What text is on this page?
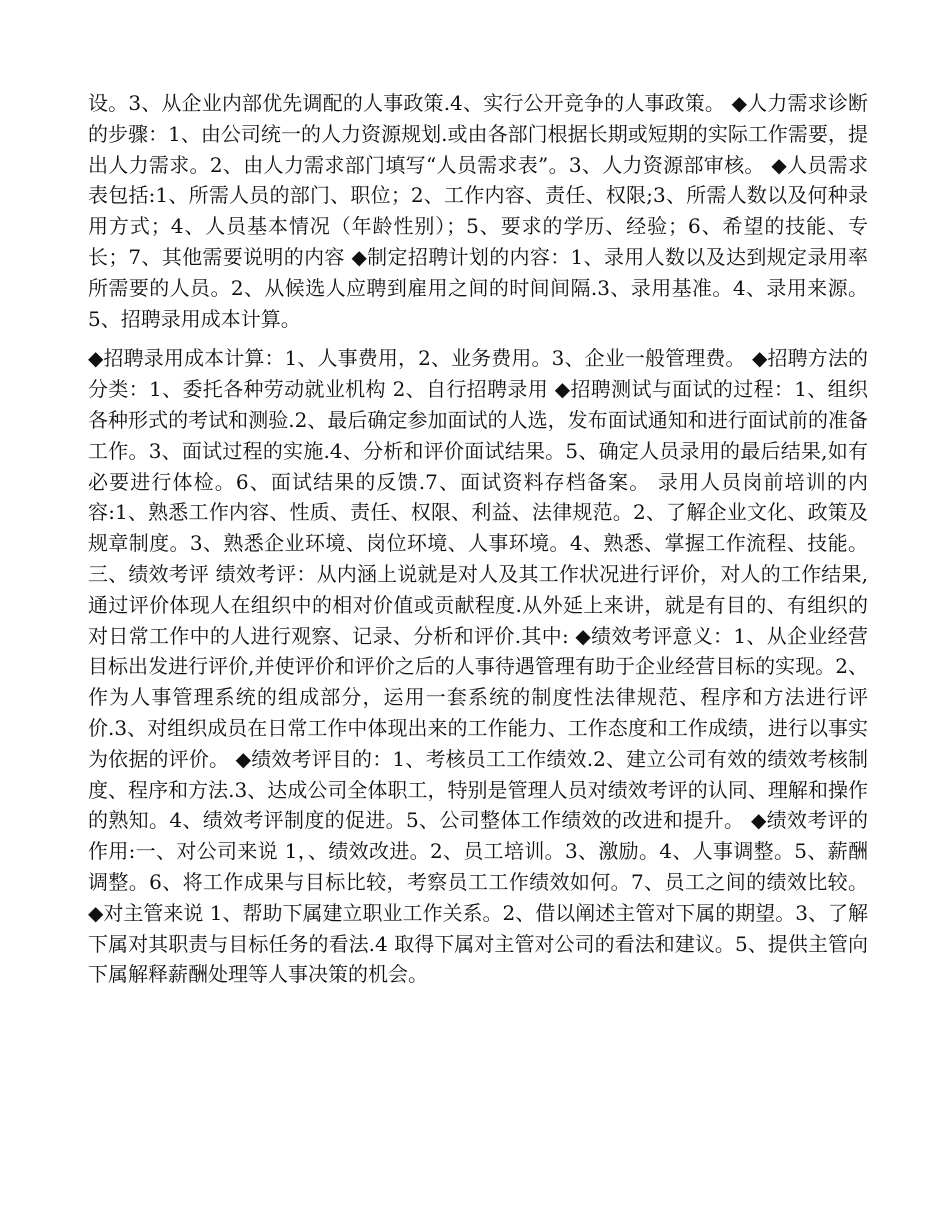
设。3、从企业内部优先调配的人事政策.4、实行公开竞争的人事政策。 ◆人力需求诊断的步骤：1、由公司统一的人力资源规划.或由各部门根据长期或短期的实际工作需要，提出人力需求。2、由人力需求部门填写“人员需求表”。3、人力资源部审核。 ◆人员需求表包括:1、所需人员的部门、职位；2、工作内容、责任、权限;3、所需人数以及何种录用方式；4、人员基本情况（年龄性别）；5、要求的学历、经验；6、希望的技能、专长；7、其他需要说明的内容 ◆制定招聘计划的内容：1、录用人数以及达到规定录用率所需要的人员。2、从候选人应聘到雇用之间的时间间隔.3、录用基准。4、录用来源。5、招聘录用成本计算。

◆招聘录用成本计算：1、人事费用，2、业务费用。3、企业一般管理费。 ◆招聘方法的分类：1、委托各种劳动就业机构 2、自行招聘录用 ◆招聘测试与面试的过程：1、组织各种形式的考试和测验.2、最后确定参加面试的人选，发布面试通知和进行面试前的准备工作。3、面试过程的实施.4、分析和评价面试结果。5、确定人员录用的最后结果,如有必要进行体检。6、面试结果的反馈.7、面试资料存档备案。 录用人员岗前培训的内容:1、熟悉工作内容、性质、责任、权限、利益、法律规范。2、了解企业文化、政策及规章制度。3、熟悉企业环境、岗位环境、人事环境。4、熟悉、掌握工作流程、技能。 三、绩效考评 绩效考评：从内涵上说就是对人及其工作状况进行评价，对人的工作结果,通过评价体现人在组织中的相对价值或贡献程度.从外延上来讲，就是有目的、有组织的对日常工作中的人进行观察、记录、分析和评价.其中: ◆绩效考评意义：1、从企业经营目标出发进行评价,并使评价和评价之后的人事待遇管理有助于企业经营目标的实现。2、作为人事管理系统的组成部分，运用一套系统的制度性法律规范、程序和方法进行评价.3、对组织成员在日常工作中体现出来的工作能力、工作态度和工作成绩，进行以事实为依据的评价。 ◆绩效考评目的：1、考核员工工作绩效.2、建立公司有效的绩效考核制度、程序和方法.3、达成公司全体职工，特别是管理人员对绩效考评的认同、理解和操作的熟知。4、绩效考评制度的促进。5、公司整体工作绩效的改进和提升。 ◆绩效考评的作用:一、对公司来说 1，、绩效改进。2、员工培训。3、激励。4、人事调整。5、薪酬调整。6、将工作成果与目标比较，考察员工工作绩效如何。7、员工之间的绩效比较。 ◆对主管来说 1、帮助下属建立职业工作关系。2、借以阐述主管对下属的期望。3、了解下属对其职责与目标任务的看法.4 取得下属对主管对公司的看法和建议。5、提供主管向下属解释薪酬处理等人事决策的机会。
